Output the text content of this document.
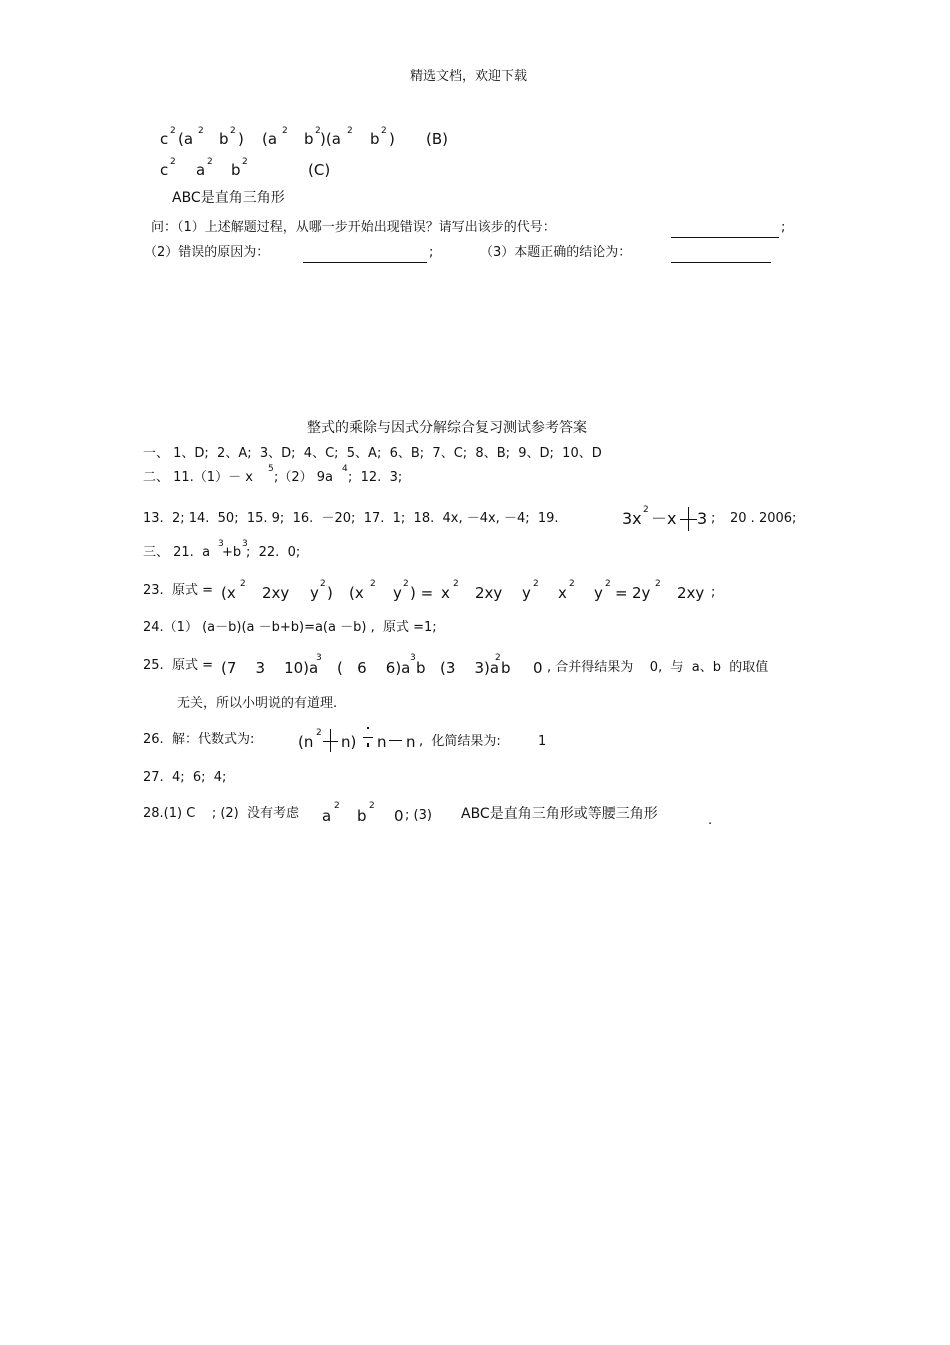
精选文档，欢迎下载
c 2 (a 2 b 2 ) (a 2 b 2 )(a 2 b 2 ) (B)
c 2 a 2 b 2	(C)
ABC是直角三角形
问：（1）上述解题过程，从哪一步开始出现错误？请写出该步的代号：	;
（2）错误的原因为：	;	（3）本题正确的结论为：
整式的乘除与因式分解综合复习测试参考答案
一、 1、D;  2、A;  3、D;  4、C;  5、A;  6、B;  7、C;  8、B;  9、D;  10、D
二、 11.（1）－ x
5
;（2） 9a
4
;  12.  3;
13.  2; 14.  50;  15. 9;  16.  －20;  17.  1;  18.  4x, －4x, －4;  19.	3x 2 －x 3 ; 20 . 2006;
三、 21.  a
3
+b
3
;  22.  0;
23.  原式 = (x 2 2xy y 2 ) (x 2 y 2 ) = x 2 2xy y 2 x 2 y 2 = 2y 2 2xy ;
24.（1） (a－b)(a －b+b)=a(a －b) ,  原式 =1;
25.  原式 = (7    3    10)a
3
(   6    6)a
3
b (3    3)a
2
b 0 , 合并得结果为    0,  与  a、b  的取值
无关，所以小明说的有道理.
26.  解：代数式为:	(n 2 n) n n ,  化简结果为:	1
27.  4;  6;  4;
28.(1) C    ; (2)  没有考虑 a
2
b
2
0 ; (3) ABC是直角三角形或等腰三角形	.
